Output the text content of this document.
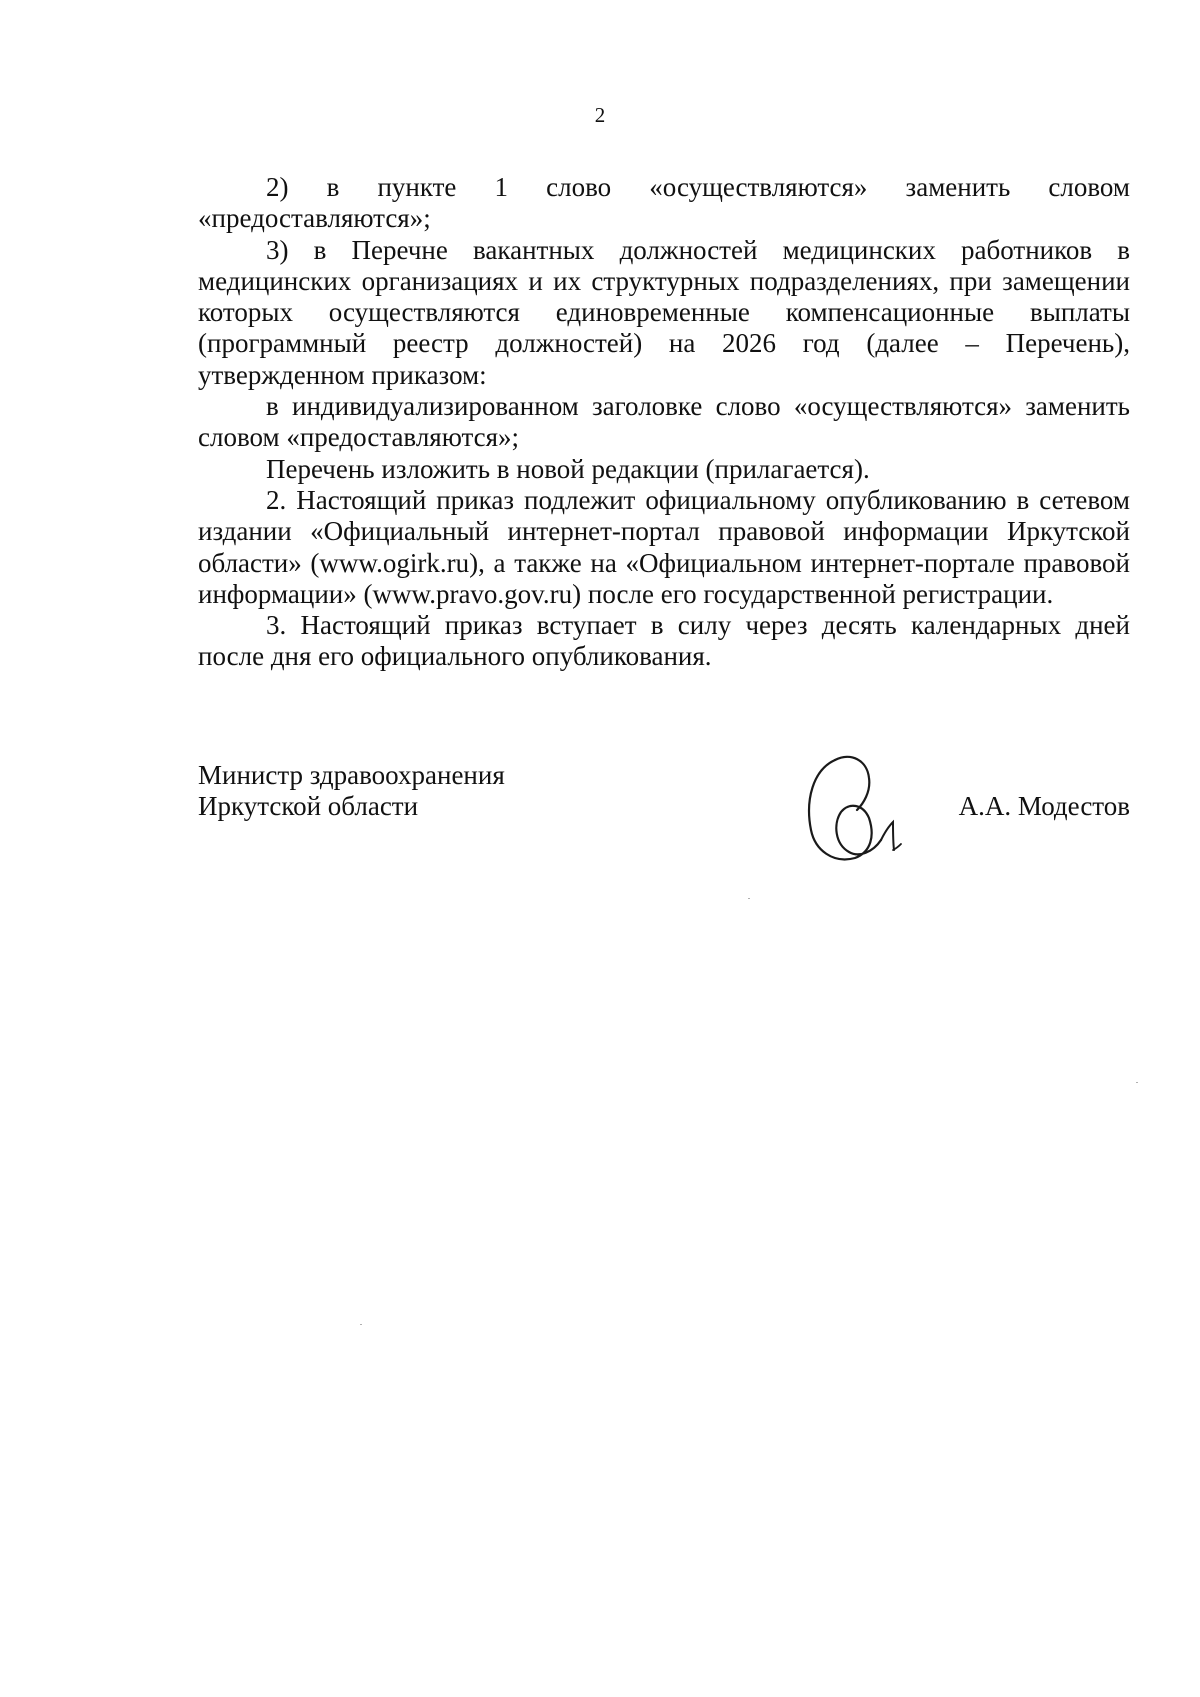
2

2) в пункте 1 слово «осуществляются» заменить словом «предоставляются»;

3) в Перечне вакантных должностей медицинских работников в медицинских организациях и их структурных подразделениях, при замещении которых осуществляются единовременные компенсационные выплаты (программный реестр должностей) на 2026 год (далее – Перечень), утвержденном приказом:

в индивидуализированном заголовке слово «осуществляются» заменить словом «предоставляются»;

Перечень изложить в новой редакции (прилагается).

2. Настоящий приказ подлежит официальному опубликованию в сетевом издании «Официальный интернет-портал правовой информации Иркутской области» (www.ogirk.ru), а также на «Официальном интернет-портале правовой информации» (www.pravo.gov.ru) после его государственной регистрации.

3. Настоящий приказ вступает в силу через десять календарных дней после дня его официального опубликования.

Министр здравоохранения
Иркутской области	А.А. Модестов
